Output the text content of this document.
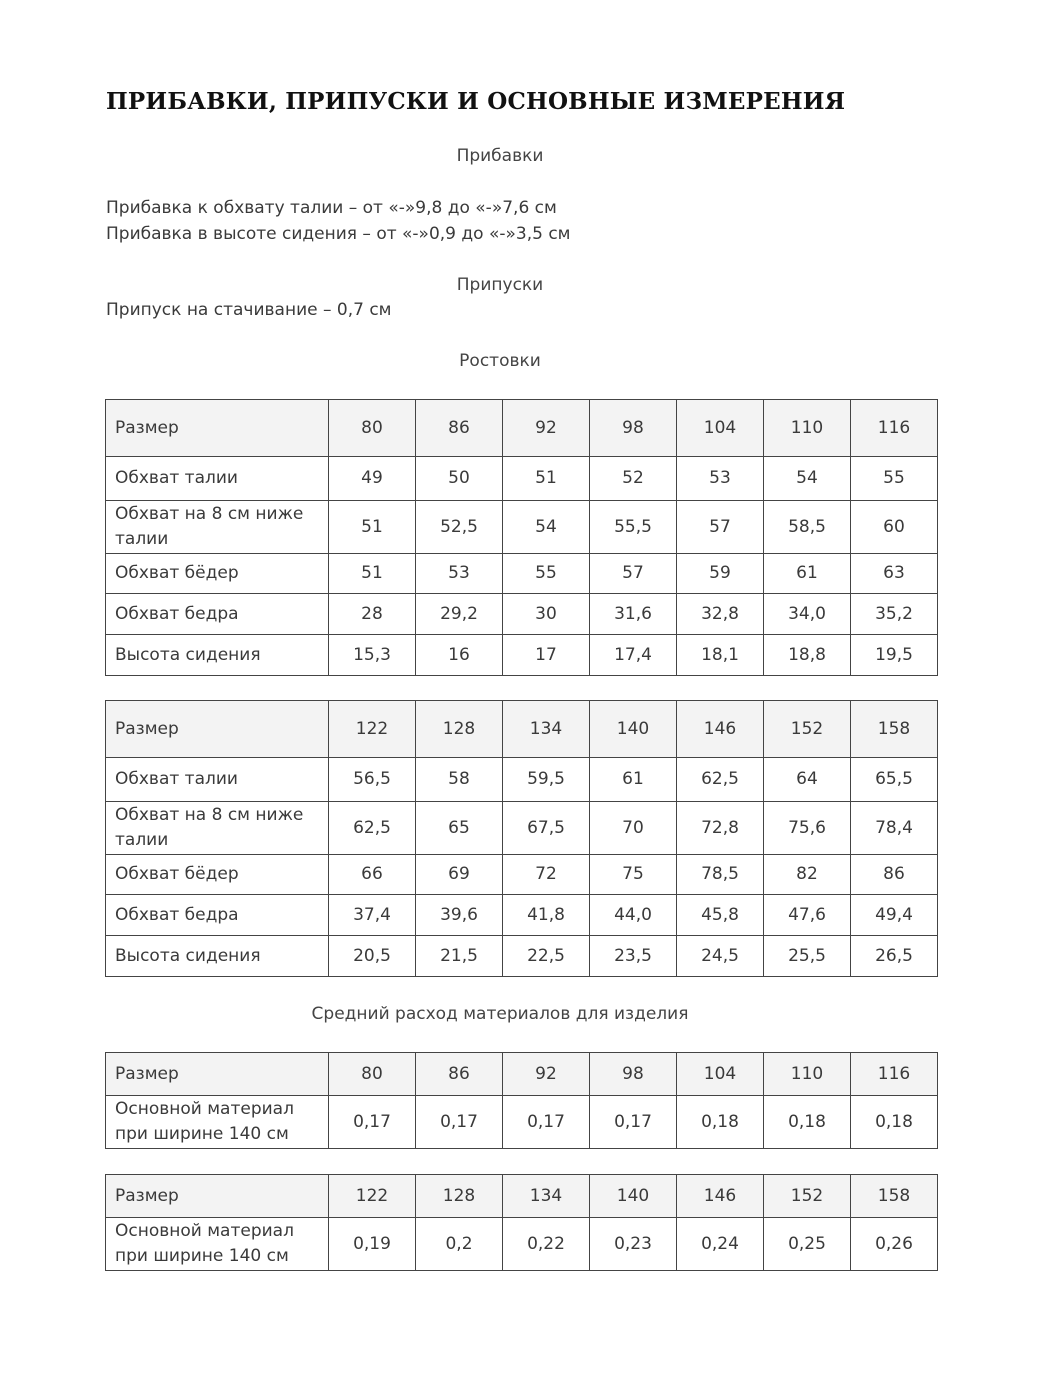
ПРИБАВКИ, ПРИПУСКИ И ОСНОВНЫЕ ИЗМЕРЕНИЯ

Прибавки

Прибавка к обхвату талии – от «-»9,8 до «-»7,6 см

Прибавка в высоте сидения – от «-»0,9 до «-»3,5 см

Припуски

Припуск на стачивание – 0,7 см

Ростовки

Размер	80	86	92	98	104	110	116
Обхват талии	49	50	51	52	53	54	55
Обхват на 8 см ниже талии	51	52,5	54	55,5	57	58,5	60
Обхват бёдер	51	53	55	57	59	61	63
Обхват бедра	28	29,2	30	31,6	32,8	34,0	35,2
Высота сидения	15,3	16	17	17,4	18,1	18,8	19,5
Размер	122	128	134	140	146	152	158
Обхват талии	56,5	58	59,5	61	62,5	64	65,5
Обхват на 8 см ниже талии	62,5	65	67,5	70	72,8	75,6	78,4
Обхват бёдер	66	69	72	75	78,5	82	86
Обхват бедра	37,4	39,6	41,8	44,0	45,8	47,6	49,4
Высота сидения	20,5	21,5	22,5	23,5	24,5	25,5	26,5

Средний расход материалов для изделия

Размер	80	86	92	98	104	110	116
Основной материал при ширине 140 см	0,17	0,17	0,17	0,17	0,18	0,18	0,18
Размер	122	128	134	140	146	152	158
Основной материал при ширине 140 см	0,19	0,2	0,22	0,23	0,24	0,25	0,26
